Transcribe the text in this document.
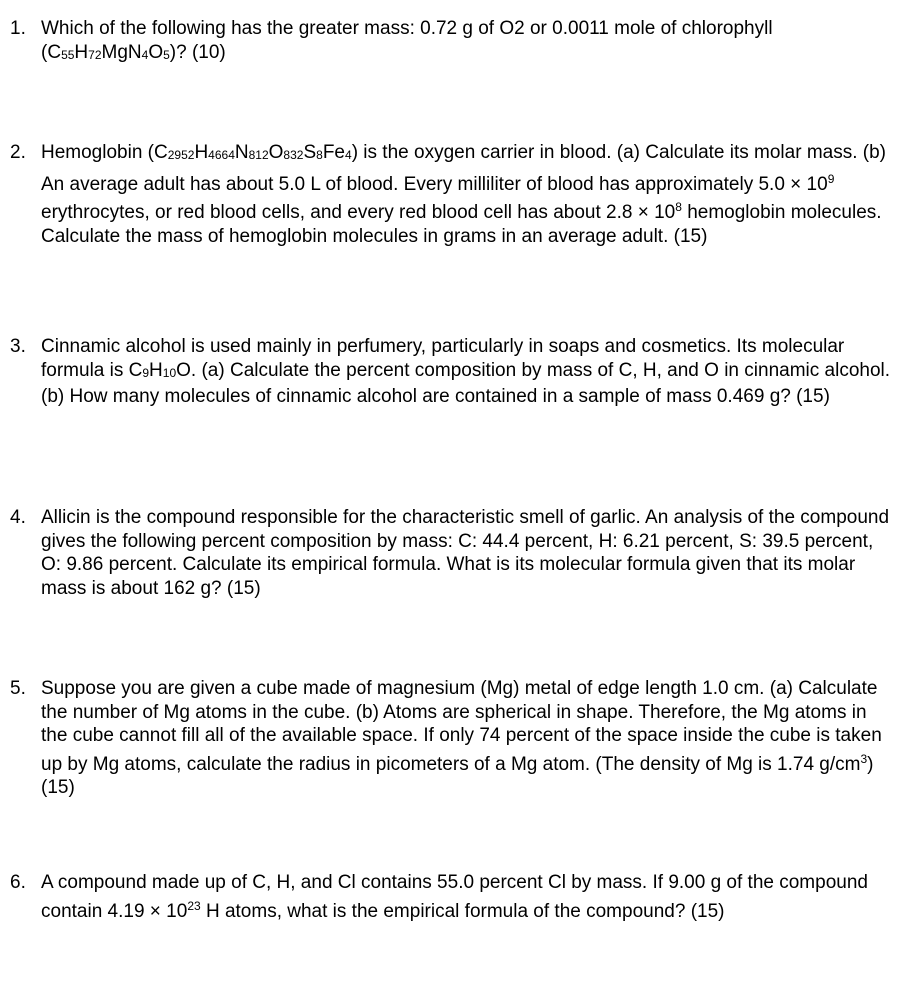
1. Which of the following has the greater mass: 0.72 g of O2 or 0.0011 mole of chlorophyll (C55H72MgN4O5)? (10)
2. Hemoglobin (C2952H4664N812O832S8Fe4) is the oxygen carrier in blood. (a) Calculate its molar mass. (b) An average adult has about 5.0 L of blood. Every milliliter of blood has approximately $5.0 \times 10^9$ erythrocytes, or red blood cells, and every red blood cell has about $2.8 \times 10^8$ hemoglobin molecules. Calculate the mass of hemoglobin molecules in grams in an average adult. (15)
3. Cinnamic alcohol is used mainly in perfumery, particularly in soaps and cosmetics. Its molecular formula is C9H10O. (a) Calculate the percent composition by mass of C, H, and O in cinnamic alcohol. (b) How many molecules of cinnamic alcohol are contained in a sample of mass 0.469 g? (15)
4. Allicin is the compound responsible for the characteristic smell of garlic. An analysis of the compound gives the following percent composition by mass: C: 44.4 percent, H: 6.21 percent, S: 39.5 percent, O: 9.86 percent. Calculate its empirical formula. What is its molecular formula given that its molar mass is about 162 g? (15)
5. Suppose you are given a cube made of magnesium (Mg) metal of edge length 1.0 cm. (a) Calculate the number of Mg atoms in the cube. (b) Atoms are spherical in shape. Therefore, the Mg atoms in the cube cannot fill all of the available space. If only 74 percent of the space inside the cube is taken up by Mg atoms, calculate the radius in picometers of a Mg atom. (The density of Mg is 1.74 $g/cm^3$) (15)
6. A compound made up of C, H, and Cl contains 55.0 percent Cl by mass. If 9.00 g of the compound contain $4.19 \times 10^{23}$ H atoms, what is the empirical formula of the compound? (15)
